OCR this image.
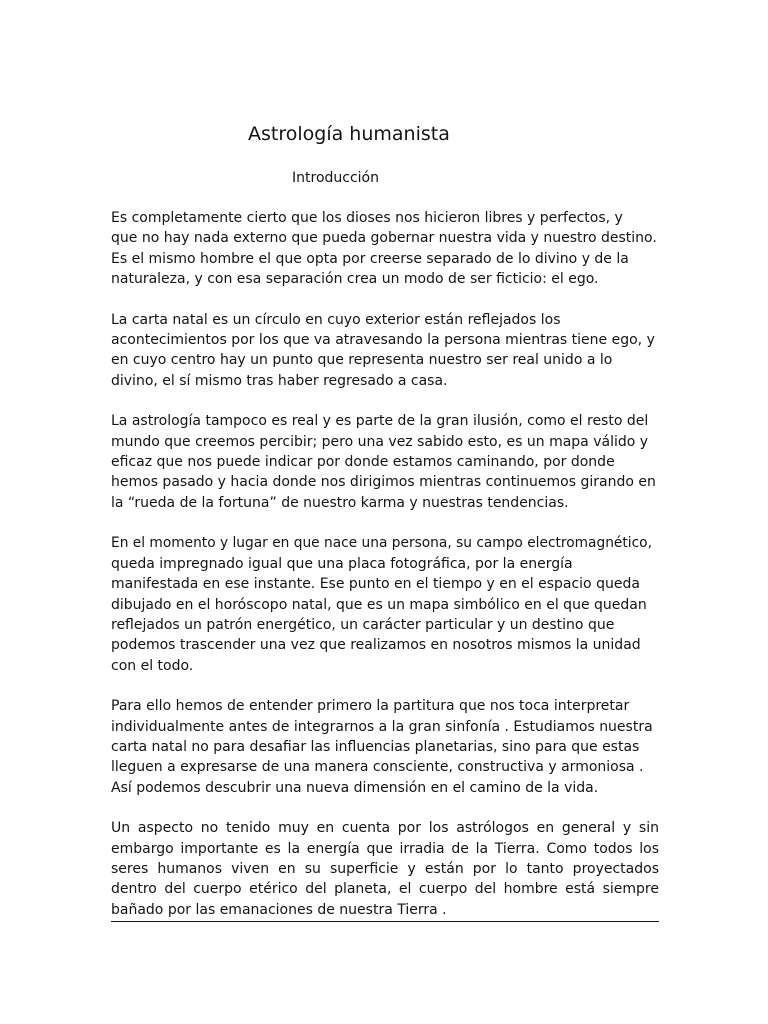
Astrología humanista
Introducción

Es completamente cierto que los dioses nos hicieron libres y perfectos, y
que no hay nada externo que pueda gobernar nuestra vida y nuestro destino.
Es el mismo hombre el que opta por creerse separado de lo divino y de la
naturaleza, y con esa separación crea un modo de ser ficticio: el ego.

La carta natal es un círculo en cuyo exterior están reflejados los
acontecimientos por los que va atravesando la persona mientras tiene ego, y
en cuyo centro hay un punto que representa nuestro ser real unido a lo
divino, el sí mismo tras haber regresado a casa.

La astrología tampoco es real y es parte de la gran ilusión, como el resto del
mundo que creemos percibir; pero una vez sabido esto, es un mapa válido y
eficaz que nos puede indicar por donde estamos caminando, por donde
hemos pasado y hacia donde nos dirigimos mientras continuemos girando en
la “rueda de la fortuna” de nuestro karma y nuestras tendencias.

En el momento y lugar en que nace una persona, su campo electromagnético,
queda impregnado igual que una placa fotográfica, por la energía
manifestada en ese instante. Ese punto en el tiempo y en el espacio queda
dibujado en el horóscopo natal, que es un mapa simbólico en el que quedan
reflejados un patrón energético, un carácter particular y un destino que
podemos trascender una vez que realizamos en nosotros mismos la unidad
con el todo.

Para ello hemos de entender primero la partitura que nos toca interpretar
individualmente antes de integrarnos a la gran sinfonía . Estudiamos nuestra
carta natal no para desafiar las influencias planetarias, sino para que estas
lleguen a expresarse de una manera consciente, constructiva y armoniosa .
Así podemos descubrir una nueva dimensión en el camino de la vida.

Un aspecto no tenido muy en cuenta por los astrólogos en general y sin
embargo importante es la energía que irradia de la Tierra. Como todos los
seres humanos viven en su superficie y están por lo tanto proyectados
dentro del cuerpo etérico del planeta, el cuerpo del hombre está siempre
bañado por las emanaciones de nuestra Tierra .
